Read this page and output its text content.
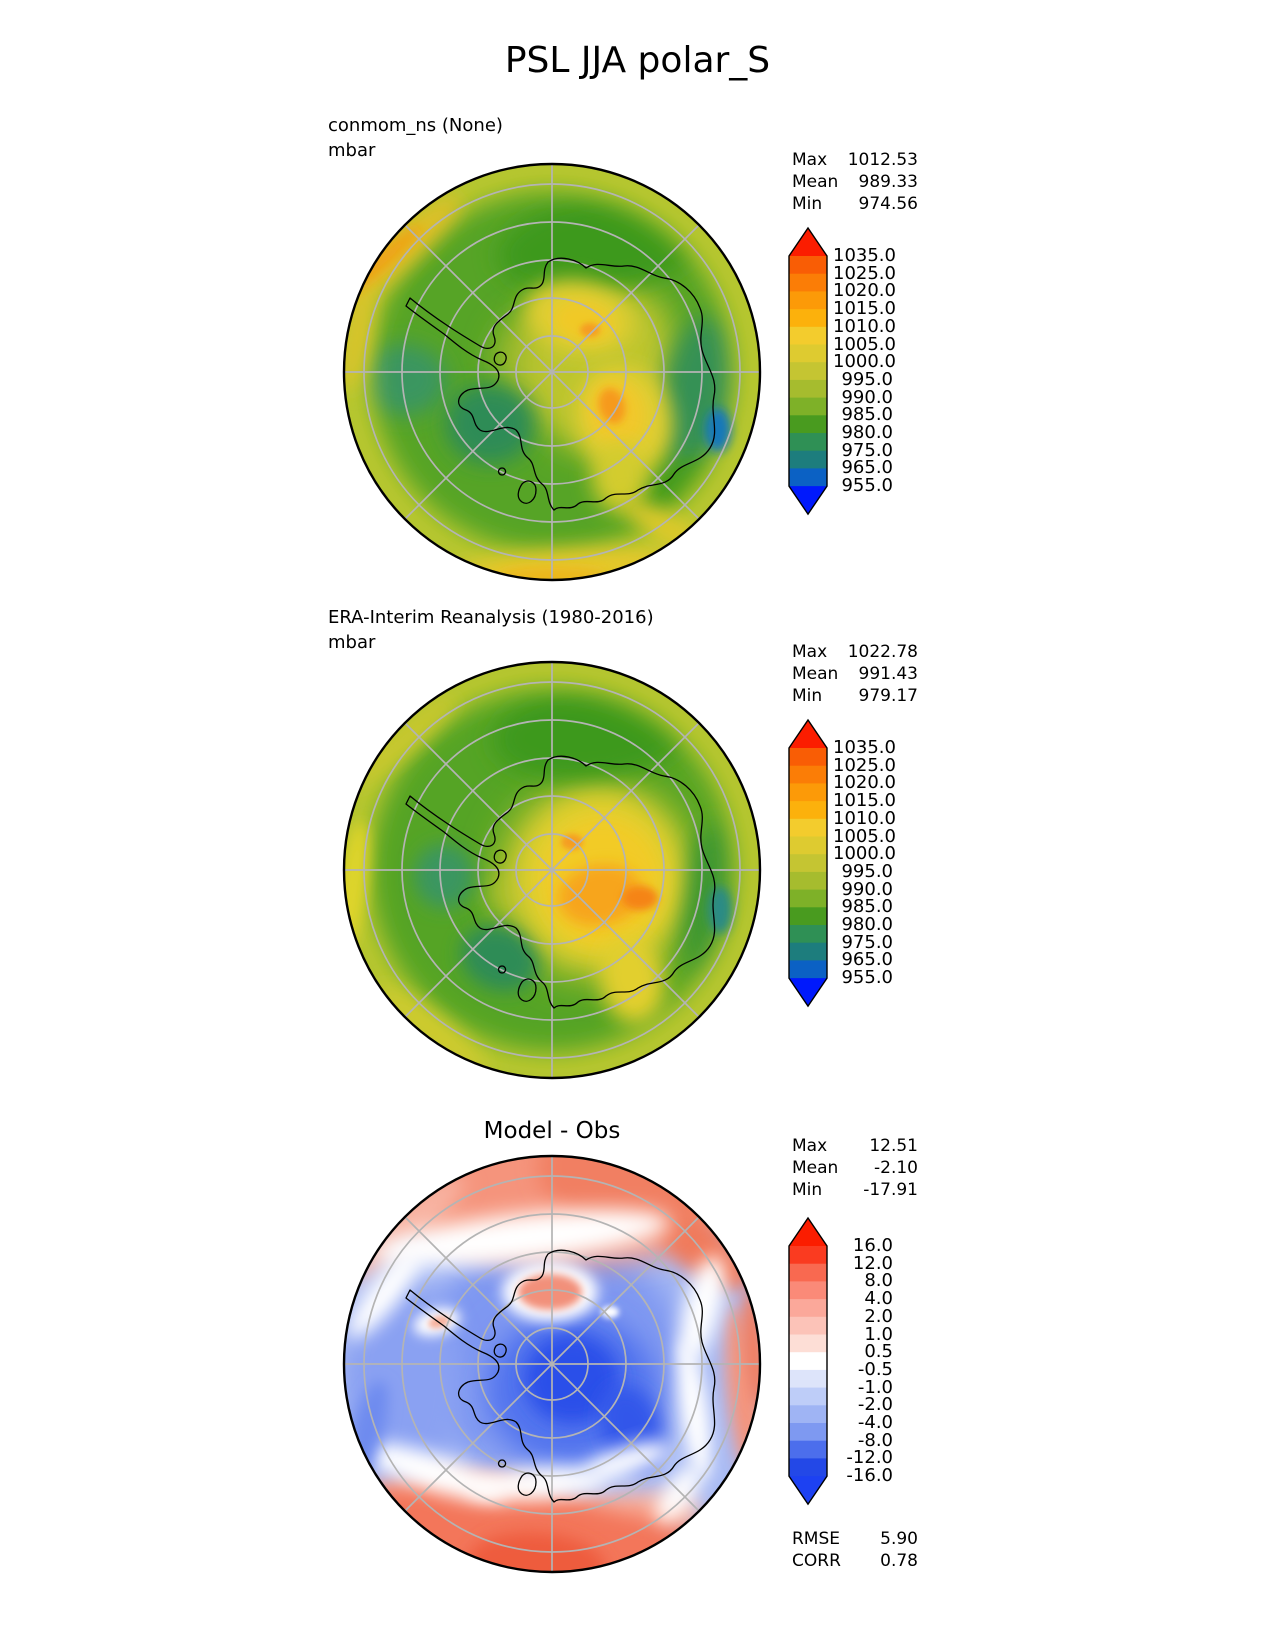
PSL JJA polar_S
conmom_ns (None)
mbar	Max 1012.53
Mean 989.33
Min 974.56
1035.0
1025.0
1020.0
1015.0
1010.0
1005.0
1000.0
995.0
990.0
985.0
980.0
975.0
965.0
955.0
ERA-Interim Reanalysis (1980-2016)
mbar	Max 1022.78
Mean 991.43
Min 979.17
1035.0
1025.0
1020.0
1015.0
1010.0
1005.0
1000.0
995.0
990.0
985.0
980.0
975.0
965.0
955.0
Model - Obs
Max 12.51
Mean -2.10
Min -17.91
16.0
12.0
8.0
4.0
2.0
1.0
0.5
-0.5
-1.0
-2.0
-4.0
-8.0
-12.0
-16.0
RMSE 5.90
CORR 0.78
